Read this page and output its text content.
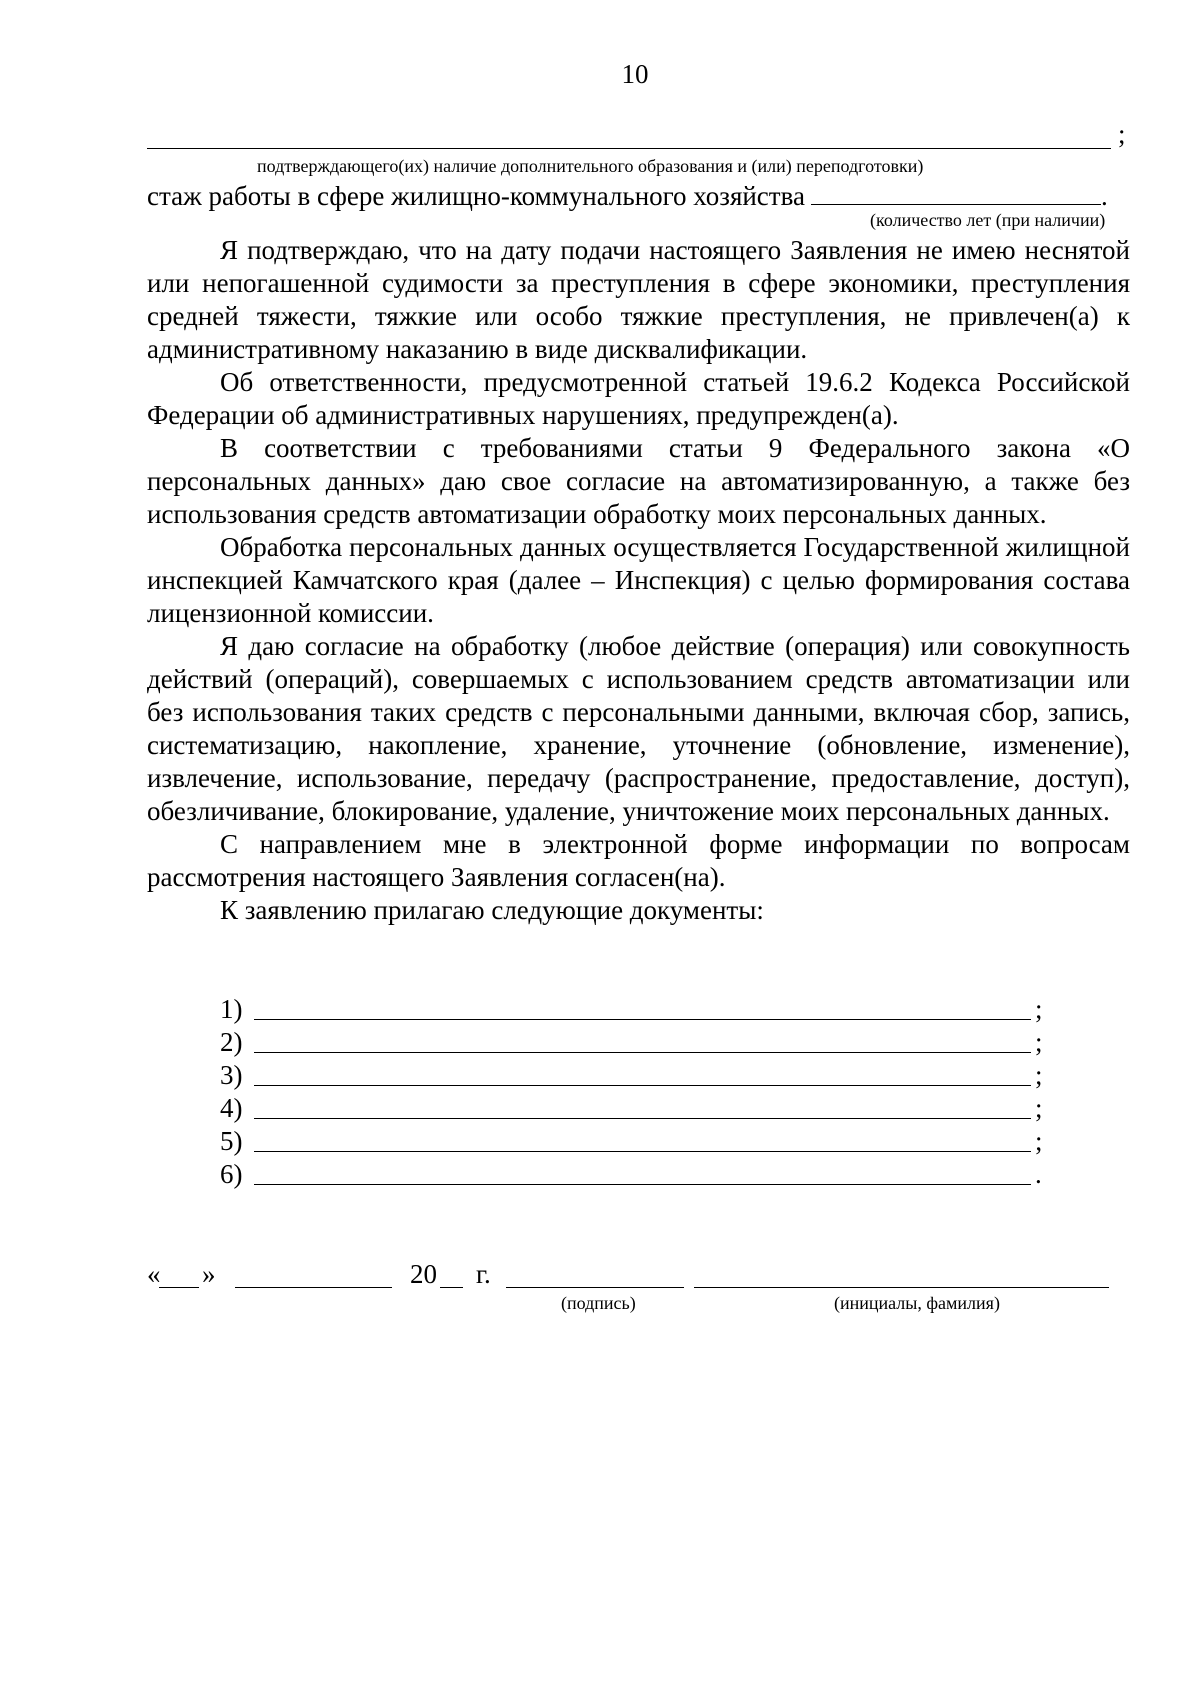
10
;
подтверждающего(их) наличие дополнительного образования и (или) переподготовки)
стаж работы в сфере жилищно-коммунального хозяйства	.
(количество лет (при наличии)

Я подтверждаю, что на дату подачи настоящего Заявления не имею неснятой или непогашенной судимости за преступления в сфере экономики, преступления средней тяжести, тяжкие или особо тяжкие преступления, не привлечен(а) к административному наказанию в виде дисквалификации.

Об ответственности, предусмотренной статьей 19.6.2 Кодекса Российской Федерации об административных нарушениях, предупрежден(а).

В соответствии с требованиями статьи 9 Федерального закона «О персональных данных» даю свое согласие на автоматизированную, а также без использования средств автоматизации обработку моих персональных данных.

Обработка персональных данных осуществляется Государственной жилищной инспекцией Камчатского края (далее – Инспекция) с целью формирования состава лицензионной комиссии.

Я даю согласие на обработку (любое действие (операция) или совокупность действий (операций), совершаемых с использованием средств автоматизации или без использования таких средств с персональными данными, включая сбор, запись, систематизацию, накопление, хранение, уточнение (обновление, изменение), извлечение, использование, передачу (распространение, предоставление, доступ), обезличивание, блокирование, удаление, уничтожение моих персональных данных.

С направлением мне в электронной форме информации по вопросам рассмотрения настоящего Заявления согласен(на).

К заявлению прилагаю следующие документы:

1)	;
2)	;
3)	;
4)	;
5)	;
6)	.
« »	20 г.
(подпись)	(инициалы, фамилия)
